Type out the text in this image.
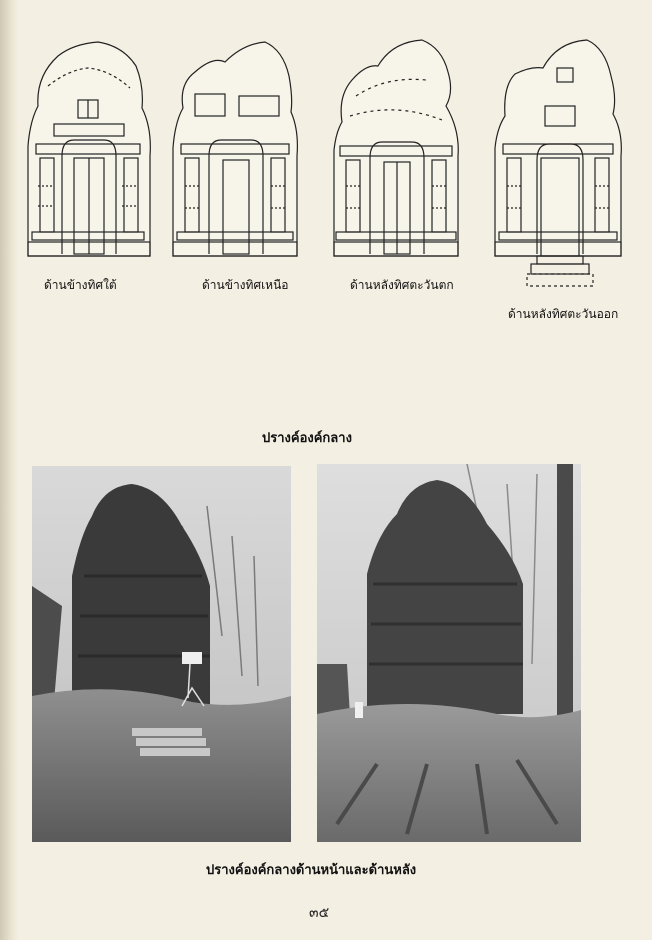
ด้านข้างทิศใต้	ด้านข้างทิศเหนือ	ด้านหลังทิศตะวันตก
ด้านหลังทิศตะวันออก
ปรางค์องค์กลาง
ปรางค์องค์กลางด้านหน้าและด้านหลัง
๓๕
